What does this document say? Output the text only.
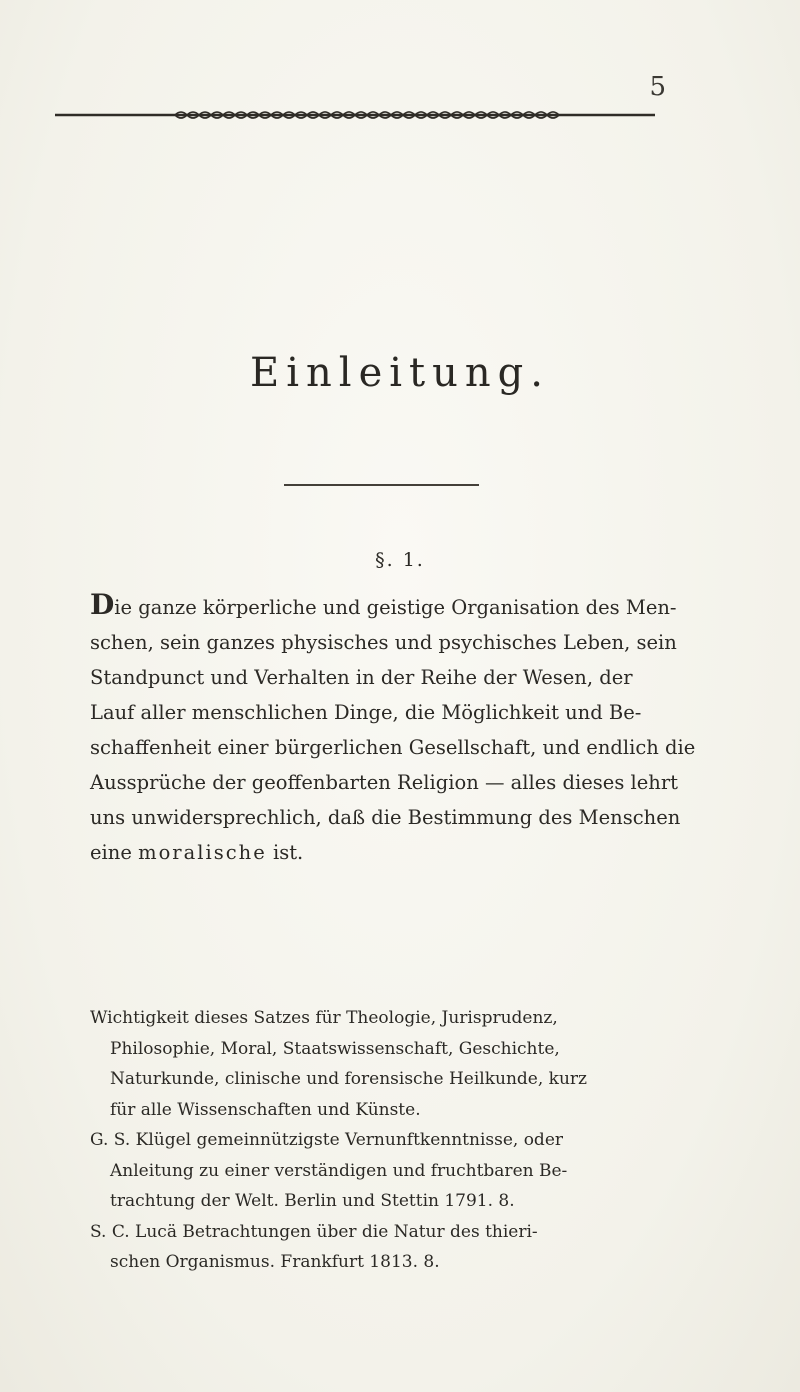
5
Einleitung.
§. 1.
Die ganze körperliche und geistige Organisation des Men-
schen, sein ganzes physisches und psychisches Leben, sein
Standpunct und Verhalten in der Reihe der Wesen, der
Lauf aller menschlichen Dinge, die Möglichkeit und Be-
schaffenheit einer bürgerlichen Gesellschaft, und endlich die
Aussprüche der geoffenbarten Religion — alles dieses lehrt
uns unwidersprechlich, daß die Bestimmung des Menschen
eine moralische ist.
Wichtigkeit dieses Satzes für Theologie, Jurisprudenz,
Philosophie, Moral, Staatswissenschaft, Geschichte,
Naturkunde, clinische und forensische Heilkunde, kurz
für alle Wissenschaften und Künste.
G. S. Klügel gemeinnützigste Vernunftkenntnisse, oder
Anleitung zu einer verständigen und fruchtbaren Be-
trachtung der Welt. Berlin und Stettin 1791. 8.
S. C. Lucä Betrachtungen über die Natur des thieri-
schen Organismus. Frankfurt 1813. 8.
